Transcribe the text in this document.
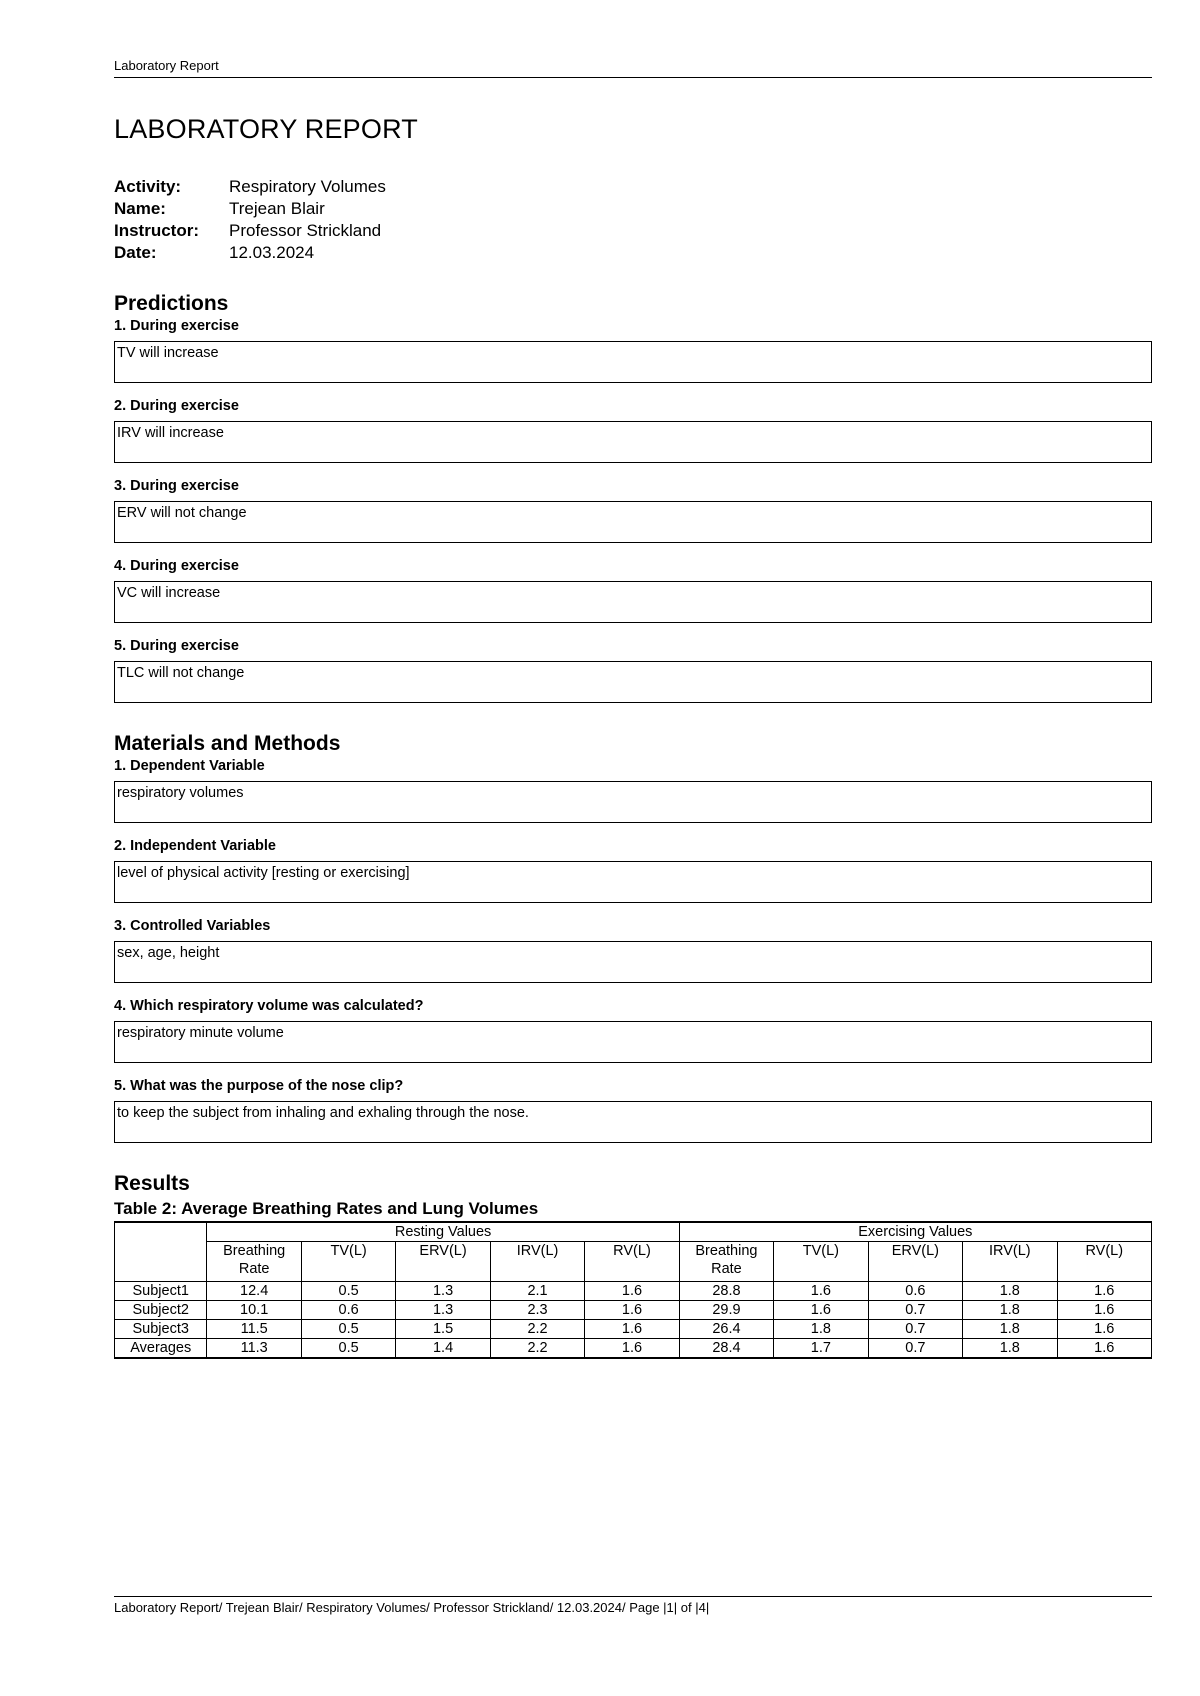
Laboratory Report
LABORATORY REPORT
Activity:	Respiratory Volumes
Name:	Trejean Blair
Instructor:	Professor Strickland
Date:	12.03.2024
Predictions
1. During exercise
TV will increase
2. During exercise
IRV will increase
3. During exercise
ERV will not change
4. During exercise
VC will increase
5. During exercise
TLC will not change
Materials and Methods
1. Dependent Variable
respiratory volumes
2. Independent Variable
level of physical activity [resting or exercising]
3. Controlled Variables
sex, age, height
4. Which respiratory volume was calculated?
respiratory minute volume
5. What was the purpose of the nose clip?
to keep the subject from inhaling and exhaling through the nose.
Results
Table 2: Average Breathing Rates and Lung Volumes
	Resting Values					Exercising Values				
	Breathing Rate	TV(L)	ERV(L)	IRV(L)	RV(L)	Breathing Rate	TV(L)	ERV(L)	IRV(L)	RV(L)
Subject1	12.4	0.5	1.3	2.1	1.6	28.8	1.6	0.6	1.8	1.6
Subject2	10.1	0.6	1.3	2.3	1.6	29.9	1.6	0.7	1.8	1.6
Subject3	11.5	0.5	1.5	2.2	1.6	26.4	1.8	0.7	1.8	1.6
Averages	11.3	0.5	1.4	2.2	1.6	28.4	1.7	0.7	1.8	1.6
Laboratory Report/ Trejean Blair/ Respiratory Volumes/ Professor Strickland/ 12.03.2024/ Page |1| of |4|
